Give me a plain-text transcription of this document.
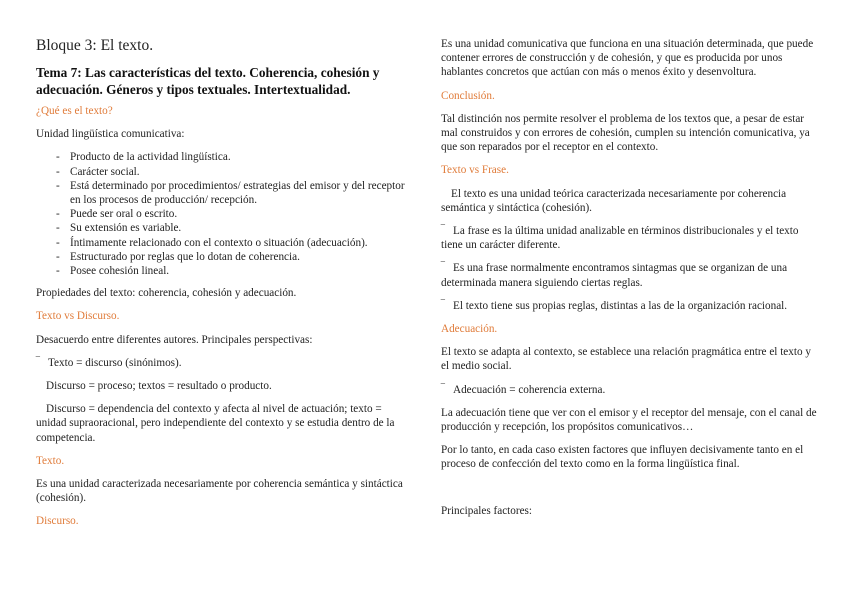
Bloque 3: El texto.
Tema 7: Las características del texto. Coherencia, cohesión y adecuación. Géneros y tipos textuales. Intertextualidad.

¿Qué es el texto?

Unidad lingüística comunicativa:

- Producto de la actividad lingüística.
- Carácter social.
- Está determinado por procedimientos/ estrategias del emisor y del receptor en los procesos de producción/ recepción.
- Puede ser oral o escrito.
- Su extensión es variable.
- Íntimamente relacionado con el contexto o situación (adecuación).
- Estructurado por reglas que lo dotan de coherencia.
- Posee cohesión lineal.

Propiedades del texto: coherencia, cohesión y adecuación.

Texto vs Discurso.

Desacuerdo entre diferentes autores. Principales perspectivas:

‾ Texto = discurso (sinónimos).

Discurso = proceso; textos = resultado o producto.

Discurso = dependencia del contexto y afecta al nivel de actuación; texto = unidad supraoracional, pero independiente del contexto y se estudia dentro de la competencia.

Texto.

Es una unidad caracterizada necesariamente por coherencia semántica y sintáctica (cohesión).

Discurso.

Es una unidad comunicativa que funciona en una situación determinada, que puede contener errores de construcción y de cohesión, y que es producida por unos hablantes concretos que actúan con más o menos éxito y desenvoltura.

Conclusión.

Tal distinción nos permite resolver el problema de los textos que, a pesar de estar mal construidos y con errores de cohesión, cumplen su intención comunicativa, ya que son reparados por el receptor en el contexto.

Texto vs Frase.

El texto es una unidad teórica caracterizada necesariamente por coherencia semántica y sintáctica (cohesión).

‾ La frase es la última unidad analizable en términos distribucionales y el texto tiene un carácter diferente.

‾ Es una frase normalmente encontramos sintagmas que se organizan de una determinada manera siguiendo ciertas reglas.

‾ El texto tiene sus propias reglas, distintas a las de la organización racional.

Adecuación.

El texto se adapta al contexto, se establece una relación pragmática entre el texto y el medio social.

‾ Adecuación = coherencia externa.

La adecuación tiene que ver con el emisor y el receptor del mensaje, con el canal de producción y recepción, los propósitos comunicativos…

Por lo tanto, en cada caso existen factores que influyen decisivamente tanto en el proceso de confección del texto como en la forma lingüística final.

Principales factores:
